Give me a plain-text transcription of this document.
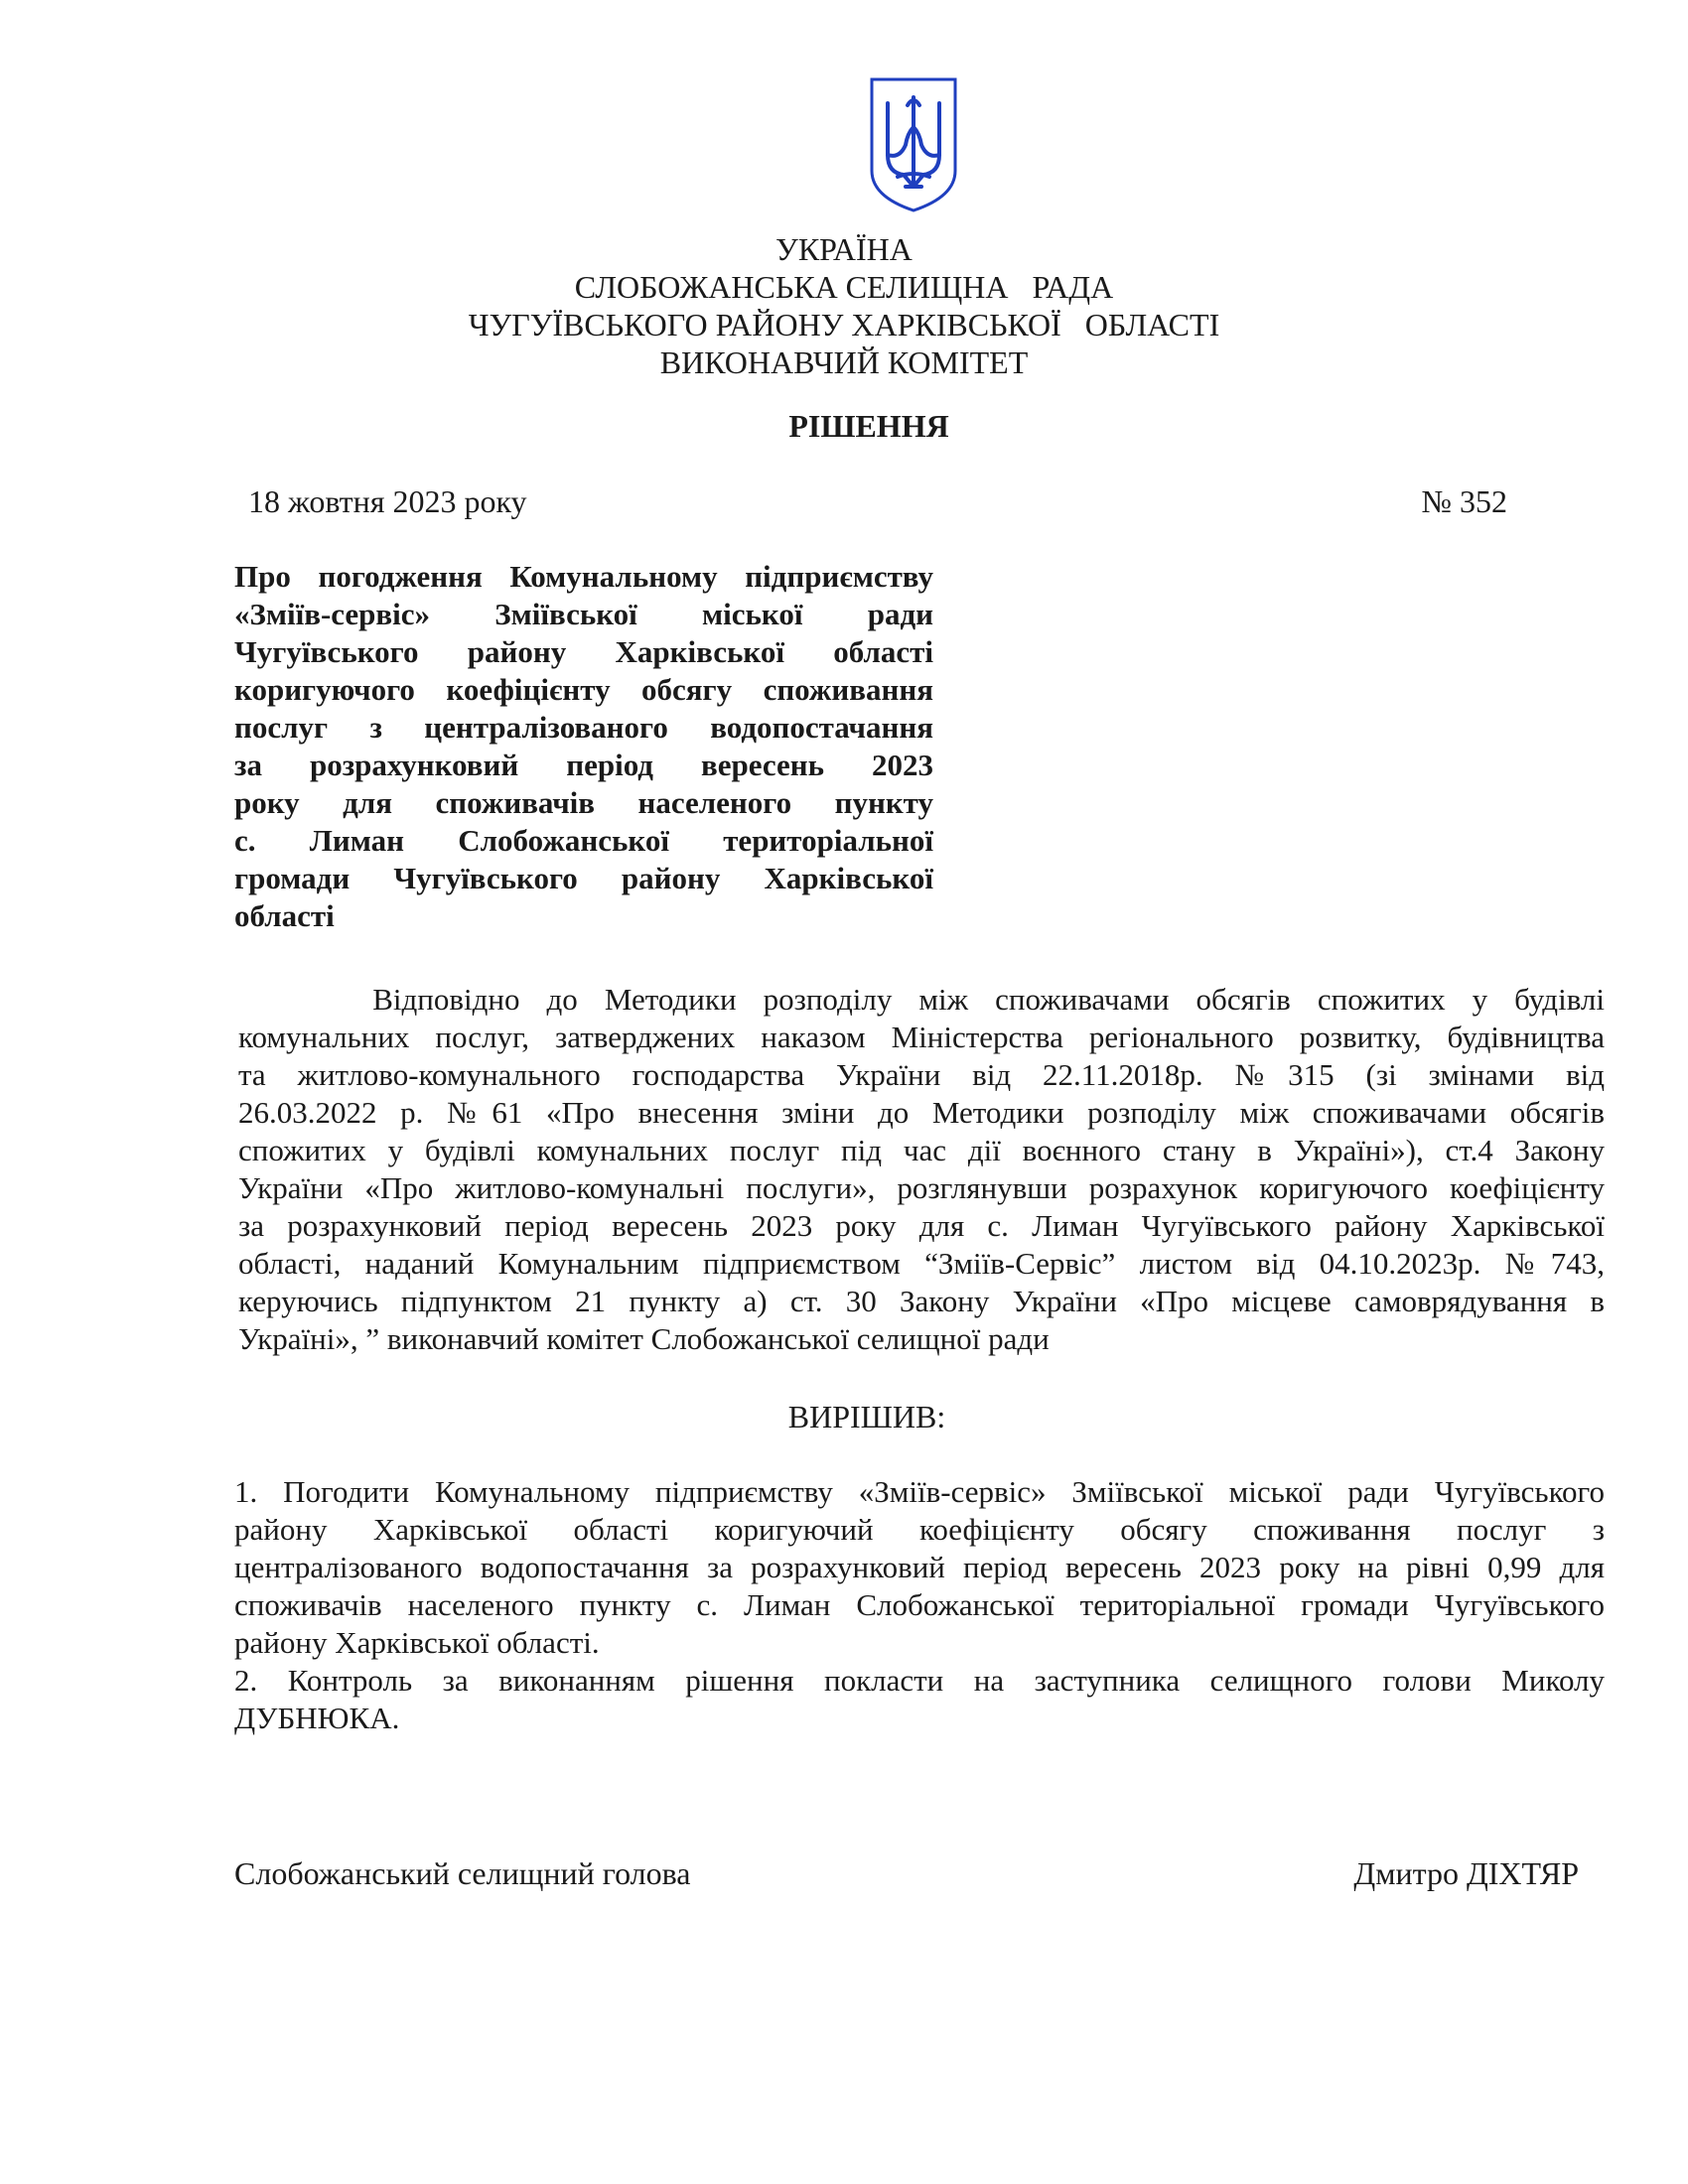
УКРАЇНА
СЛОБОЖАНСЬКА СЕЛИЩНА   РАДА
ЧУГУЇВСЬКОГО РАЙОНУ ХАРКІВСЬКОЇ   ОБЛАСТІ
ВИКОНАВЧИЙ КОМІТЕТ
РІШЕННЯ
18 жовтня 2023 року	№ 352
Про погодження Комунальному підприємству
«Зміїв-сервіс» Зміївської міської ради
Чугуївського району Харківської області
коригуючого коефіцієнту обсягу споживання
послуг з централізованого водопостачання
за розрахунковий період вересень 2023
року для споживачів населеного пункту
с. Лиман Слобожанської територіальної
громади Чугуївського району Харківської
області
Відповідно до Методики розподілу між споживачами обсягів спожитих у будівлі
комунальних послуг, затверджених наказом Міністерства регіонального розвитку, будівництва
та житлово-комунального господарства України від 22.11.2018р. №315 (зі змінами від
26.03.2022 р. №61 «Про внесення зміни до Методики розподілу між споживачами обсягів
спожитих у будівлі комунальних послуг під час дії воєнного стану в Україні»), ст.4 Закону
України «Про житлово-комунальні послуги», розглянувши розрахунок коригуючого коефіцієнту
за розрахунковий період вересень 2023 року для с. Лиман Чугуївського району Харківської
області, наданий Комунальним підприємством “Зміїв-Сервіс” листом від 04.10.2023р. №743,
керуючись підпунктом 21 пункту а) ст. 30 Закону України «Про місцеве самоврядування в
Україні», ” виконавчий комітет Слобожанської селищної ради
ВИРІШИВ:
1. Погодити Комунальному підприємству «Зміїв-сервіс» Зміївської міської ради Чугуївського
району Харківської області коригуючий коефіцієнту обсягу споживання послуг з
централізованого водопостачання за розрахунковий період вересень 2023 року на рівні 0,99 для
споживачів населеного пункту с. Лиман Слобожанської територіальної громади Чугуївського
району Харківської області.
2. Контроль за виконанням рішення покласти на заступника селищного голови Миколу
ДУБНЮКА.
Слобожанський селищний голова	Дмитро ДІХТЯР
